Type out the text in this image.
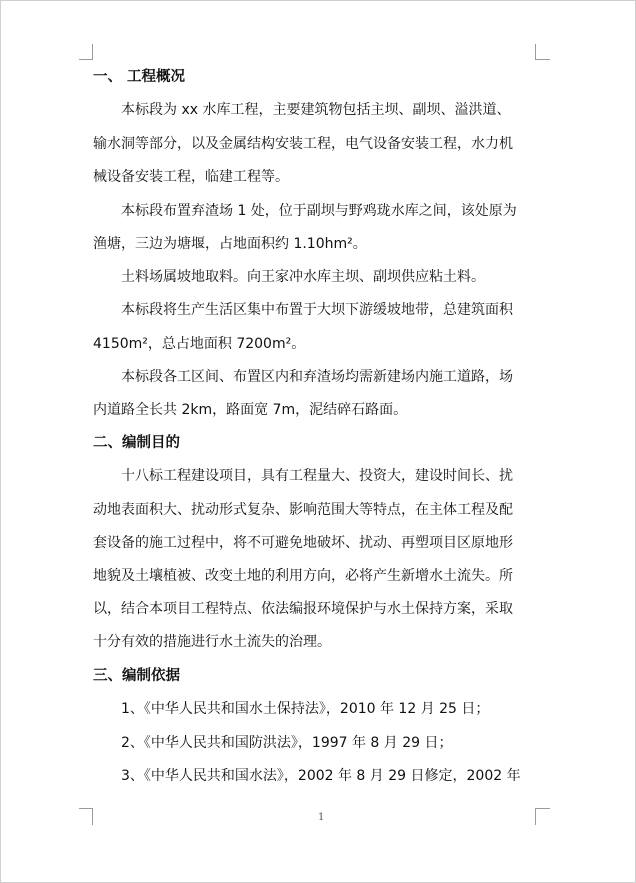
一、 工程概况
本标段为 xx 水库工程，主要建筑物包括主坝、副坝、溢洪道、
输水洞等部分，以及金属结构安装工程，电气设备安装工程，水力机
械设备安装工程，临建工程等。
本标段布置弃渣场 1 处，位于副坝与野鸡珑水库之间，该处原为
渔塘，三边为塘堰，占地面积约 1.10hm²。
土料场属坡地取料。向王家冲水库主坝、副坝供应粘土料。
本标段将生产生活区集中布置于大坝下游缓坡地带，总建筑面积
4150m²，总占地面积 7200m²。
本标段各工区间、布置区内和弃渣场均需新建场内施工道路，场
内道路全长共 2km，路面宽 7m，泥结碎石路面。
二、编制目的
十八标工程建设项目，具有工程量大、投资大，建设时间长、扰
动地表面积大、扰动形式复杂、影响范围大等特点，在主体工程及配
套设备的施工过程中，将不可避免地破坏、扰动、再塑项目区原地形
地貌及土壤植被、改变土地的利用方向，必将产生新增水土流失。所
以，结合本项目工程特点、依法编报环境保护与水土保持方案，采取
十分有效的措施进行水土流失的治理。
三、编制依据
1、《中华人民共和国水土保持法》，2010 年 12 月 25 日；
2、《中华人民共和国防洪法》，1997 年 8 月 29 日；
3、《中华人民共和国水法》，2002 年 8 月 29 日修定，2002 年
1
